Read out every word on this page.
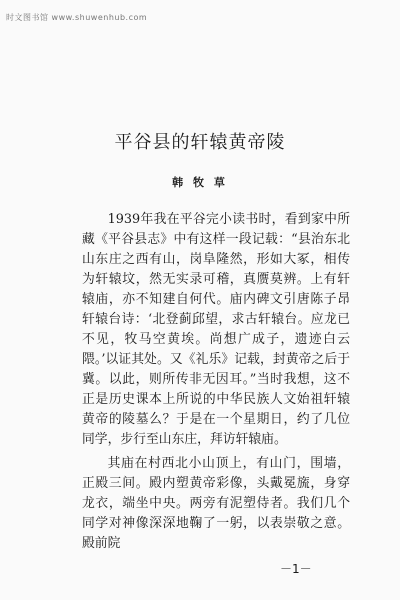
时文图书馆 www.shuwenhub.com
平谷县的轩辕黄帝陵
韩 牧 草

1939年我在平谷完小读书时，看到家中所藏《平谷县志》中有这样一段记载：“县治东北山东庄之西有山，岗阜隆然，形如大冢，相传为轩辕坟，然无实录可稽，真赝莫辨。上有轩辕庙，亦不知建自何代。庙内碑文引唐陈子昂轩辕台诗：‘北登蓟邱望，求古轩辕台。应龙已不见，牧马空黄埃。尚想广成子，遗迹白云隈。’以证其处。又《礼乐》记载，封黄帝之后于冀。以此，则所传非无因耳。”当时我想，这不正是历史课本上所说的中华民族人文始祖轩辕黄帝的陵墓么？于是在一个星期日，约了几位同学，步行至山东庄，拜访轩辕庙。

其庙在村西北小山顶上，有山门，围墙，正殿三间。殿内塑黄帝彩像，头戴冕旒，身穿龙衣，端坐中央。两旁有泥塑侍者。我们几个同学对神像深深地鞠了一躬，以表崇敬之意。殿前院

－1－
